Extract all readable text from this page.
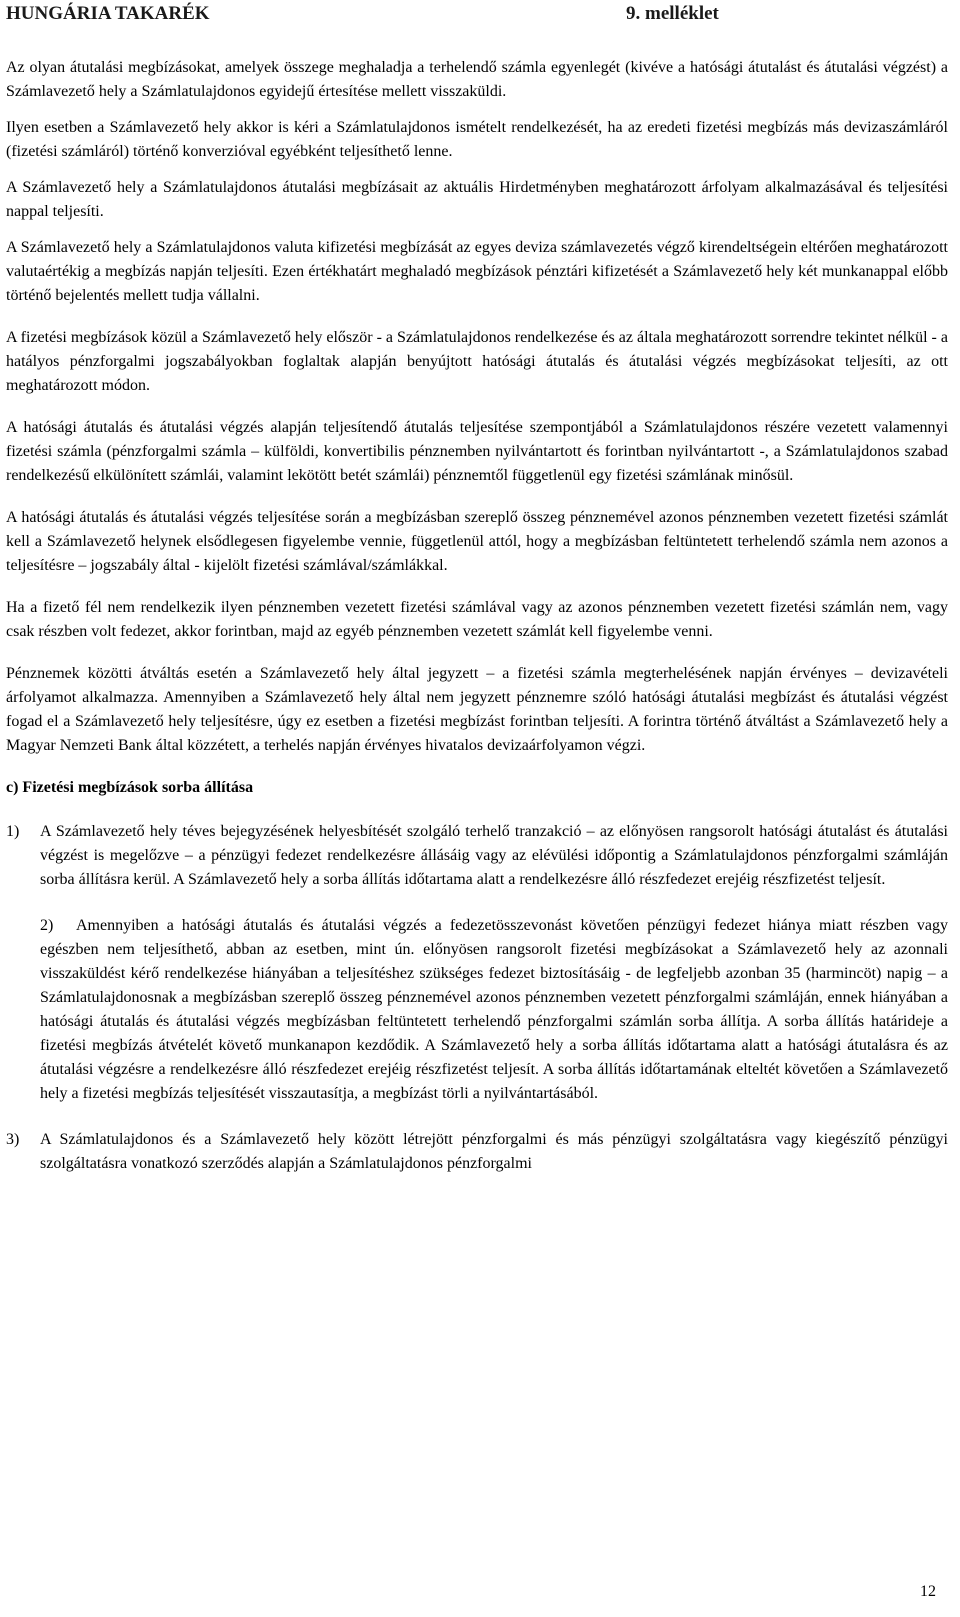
HUNGÁRIA TAKARÉK	9. melléklet

Az olyan átutalási megbízásokat, amelyek összege meghaladja a terhelendő számla egyenlegét (kivéve a hatósági átutalást és átutalási végzést) a Számlavezető hely a Számlatulajdonos egyidejű értesítése mellett visszaküldi.

Ilyen esetben a Számlavezető hely akkor is kéri a Számlatulajdonos ismételt rendelkezését, ha az eredeti fizetési megbízás más devizaszámláról (fizetési számláról) történő konverzióval egyébként teljesíthető lenne.

A Számlavezető hely a Számlatulajdonos átutalási megbízásait az aktuális Hirdetményben meghatározott árfolyam alkalmazásával és teljesítési nappal teljesíti.

A Számlavezető hely a Számlatulajdonos valuta kifizetési megbízását az egyes deviza számlavezetés végző kirendeltségein eltérően meghatározott valutaértékig a megbízás napján teljesíti. Ezen értékhatárt meghaladó megbízások pénztári kifizetését a Számlavezető hely két munkanappal előbb történő bejelentés mellett tudja vállalni.

A fizetési megbízások közül a Számlavezető hely először - a Számlatulajdonos rendelkezése és az általa meghatározott sorrendre tekintet nélkül - a hatályos pénzforgalmi jogszabályokban foglaltak alapján benyújtott hatósági átutalás és átutalási végzés megbízásokat teljesíti, az ott meghatározott módon.

A hatósági átutalás és átutalási végzés alapján teljesítendő átutalás teljesítése szempontjából a Számlatulajdonos részére vezetett valamennyi fizetési számla (pénzforgalmi számla – külföldi, konvertibilis pénznemben nyilvántartott és forintban nyilvántartott -, a Számlatulajdonos szabad rendelkezésű elkülönített számlái, valamint lekötött betét számlái) pénznemtől függetlenül egy fizetési számlának minősül.

A hatósági átutalás és átutalási végzés teljesítése során a megbízásban szereplő összeg pénznemével azonos pénznemben vezetett fizetési számlát kell a Számlavezető helynek elsődlegesen figyelembe vennie, függetlenül attól, hogy a megbízásban feltüntetett terhelendő számla nem azonos a teljesítésre – jogszabály által - kijelölt fizetési számlával/számlákkal.

Ha a fizető fél nem rendelkezik ilyen pénznemben vezetett fizetési számlával vagy az azonos pénznemben vezetett fizetési számlán nem, vagy csak részben volt fedezet, akkor forintban, majd az egyéb pénznemben vezetett számlát kell figyelembe venni.

Pénznemek közötti átváltás esetén a Számlavezető hely által jegyzett – a fizetési számla megterhelésének napján érvényes – devizavételi árfolyamot alkalmazza. Amennyiben a Számlavezető hely által nem jegyzett pénznemre szóló hatósági átutalási megbízást és átutalási végzést fogad el a Számlavezető hely teljesítésre, úgy ez esetben a fizetési megbízást forintban teljesíti. A forintra történő átváltást a Számlavezető hely a Magyar Nemzeti Bank által közzétett, a terhelés napján érvényes hivatalos devizaárfolyamon végzi.

c) Fizetési megbízások sorba állítása
1) A Számlavezető hely téves bejegyzésének helyesbítését szolgáló terhelő tranzakció – az előnyösen rangsorolt hatósági átutalást és átutalási végzést is megelőzve – a pénzügyi fedezet rendelkezésre állásáig vagy az elévülési időpontig a Számlatulajdonos pénzforgalmi számláján sorba állításra kerül. A Számlavezető hely a sorba állítás időtartama alatt a rendelkezésre álló részfedezet erejéig részfizetést teljesít.
2) Amennyiben a hatósági átutalás és átutalási végzés a fedezetösszevonást követően pénzügyi fedezet hiánya miatt részben vagy egészben nem teljesíthető, abban az esetben, mint ún. előnyösen rangsorolt fizetési megbízásokat a Számlavezető hely az azonnali visszaküldést kérő rendelkezése hiányában a teljesítéshez szükséges fedezet biztosításáig - de legfeljebb azonban 35 (harmincöt) napig – a Számlatulajdonosnak a megbízásban szereplő összeg pénznemével azonos pénznemben vezetett pénzforgalmi számláján, ennek hiányában a hatósági átutalás és átutalási végzés megbízásban feltüntetett terhelendő pénzforgalmi számlán sorba állítja. A sorba állítás határideje a fizetési megbízás átvételét követő munkanapon kezdődik. A Számlavezető hely a sorba állítás időtartama alatt a hatósági átutalásra és az átutalási végzésre a rendelkezésre álló részfedezet erejéig részfizetést teljesít. A sorba állítás időtartamának elteltét követően a Számlavezető hely a fizetési megbízás teljesítését visszautasítja, a megbízást törli a nyilvántartásából.
3) A Számlatulajdonos és a Számlavezető hely között létrejött pénzforgalmi és más pénzügyi szolgáltatásra vagy kiegészítő pénzügyi szolgáltatásra vonatkozó szerződés alapján a Számlatulajdonos pénzforgalmi
12
